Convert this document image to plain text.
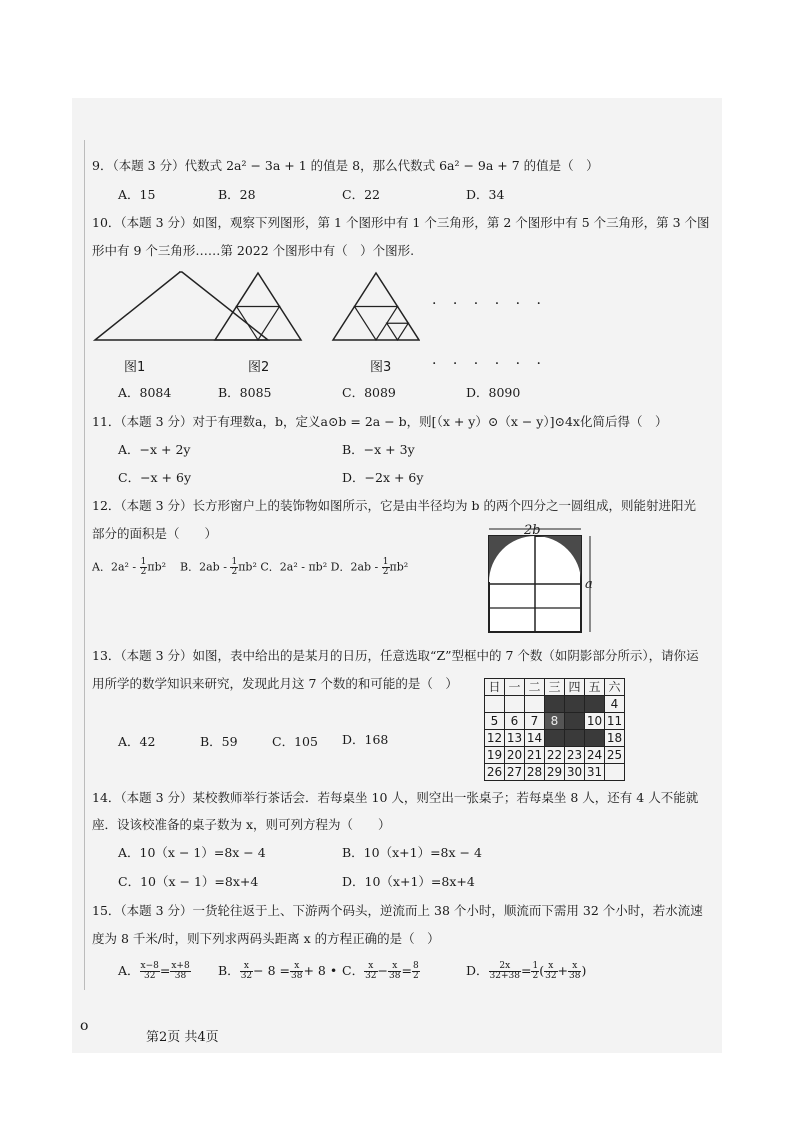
9．（本题 3 分）代数式 2a² − 3a + 1 的值是 8，那么代数式 6a² − 9a + 7 的值是（　）
A．15	B．28	C．22	D．34
10．（本题 3 分）如图，观察下列图形，第 1 个图形中有 1 个三角形，第 2 个图形中有 5 个三角形，第 3 个图
形中有 9 个三角形……第 2022 个图形中有（　）个图形.
· · · · · ·
· · · · · ·
图1	图2	图3
A．8084	B．8085	C．8089	D．8090
11．（本题 3 分）对于有理数a，b，定义a⊙b = 2a − b，则[（x + y）⊙（x − y）]⊙4x化简后得（　）
A．−x + 2y	B．−x + 3y
C．−x + 6y	D．−2x + 6y
12．（本题 3 分）长方形窗户上的装饰物如图所示，它是由半径均为 b 的两个四分之一圆组成，则能射进阳光
部分的面积是（　　）
A．$2a^2 - \frac{1}{2} \pi b^2$ B．$2ab - \frac{1}{2} \pi b^2$ C．2a² - πb² D．$2ab - \frac{1}{2} \pi b^2$
2b
a
13．（本题 3 分）如图，表中给出的是某月的日历，任意选取“Z”型框中的 7 个数（如阴影部分所示），请你运
用所学的数学知识来研究，发现此月这 7 个数的和可能的是（　）
A．42	B．59	C．105 D．168
日	一	二	三	四	五	六
						4
5	6	7	8		10	11
12	13	14				18
19	20	21	22	23	24	25
26	27	28	29	30	31	
14．（本题 3 分）某校教师举行茶话会．若每桌坐 10 人，则空出一张桌子；若每桌坐 8 人，还有 4 人不能就
座．设该校准备的桌子数为 x，则可列方程为（　　）
A．10（x − 1）=8x − 4	B．10（x+1）=8x − 4
C．10（x − 1）=8x+4	D．10（x+1）=8x+4
15．（本题 3 分）一货轮往返于上、下游两个码头，逆流而上 38 个小时，顺流而下需用 32 个小时，若水流速
度为 8 千米/时，则下列求两码头距离 x 的方程正确的是（　）
A． $\frac{x-8}{32} = \frac{x+8}{38}$ B． $\frac{x}{32} - 8 = \frac{x}{38} + 8$ • C． $\frac{x}{32} - \frac{x}{38} = \frac{8}{2}$	D． $\frac{2x}{32+38} = \frac{1}{2}$ ( $\frac{x}{32} + \frac{x}{38}$ )
o
第2页 共4页
